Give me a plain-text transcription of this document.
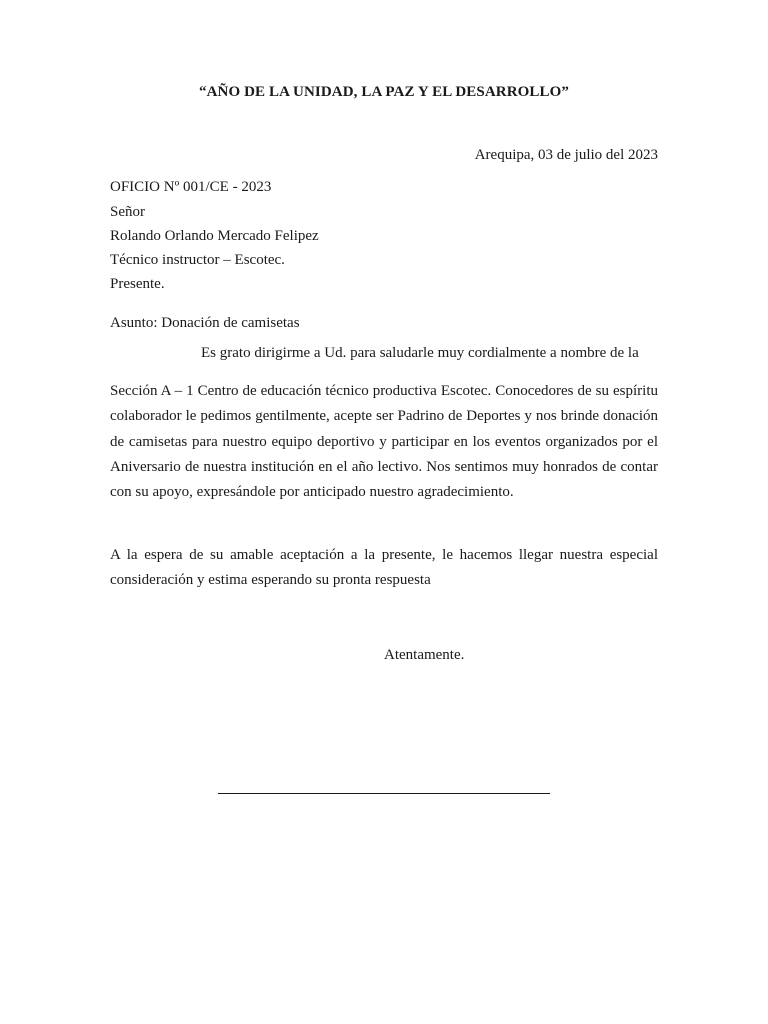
“AÑO DE LA UNIDAD, LA PAZ Y EL DESARROLLO”
Arequipa, 03 de julio del 2023
OFICIO Nº 001/CE - 2023
Señor
Rolando Orlando Mercado Felipez
Técnico instructor – Escotec.
Presente.
Asunto: Donación de camisetas
Es grato dirigirme a Ud. para saludarle muy cordialmente a nombre de la
Sección A – 1 Centro de educación técnico productiva Escotec. Conocedores de su espíritu colaborador le pedimos gentilmente, acepte ser Padrino de Deportes y nos brinde donación de camisetas para nuestro equipo deportivo y participar en los eventos organizados por el Aniversario de nuestra institución en el año lectivo. Nos sentimos muy honrados de contar con su apoyo, expresándole por anticipado nuestro agradecimiento.
A la espera de su amable aceptación a la presente, le hacemos llegar nuestra especial consideración y estima esperando su pronta respuesta
Atentamente.
